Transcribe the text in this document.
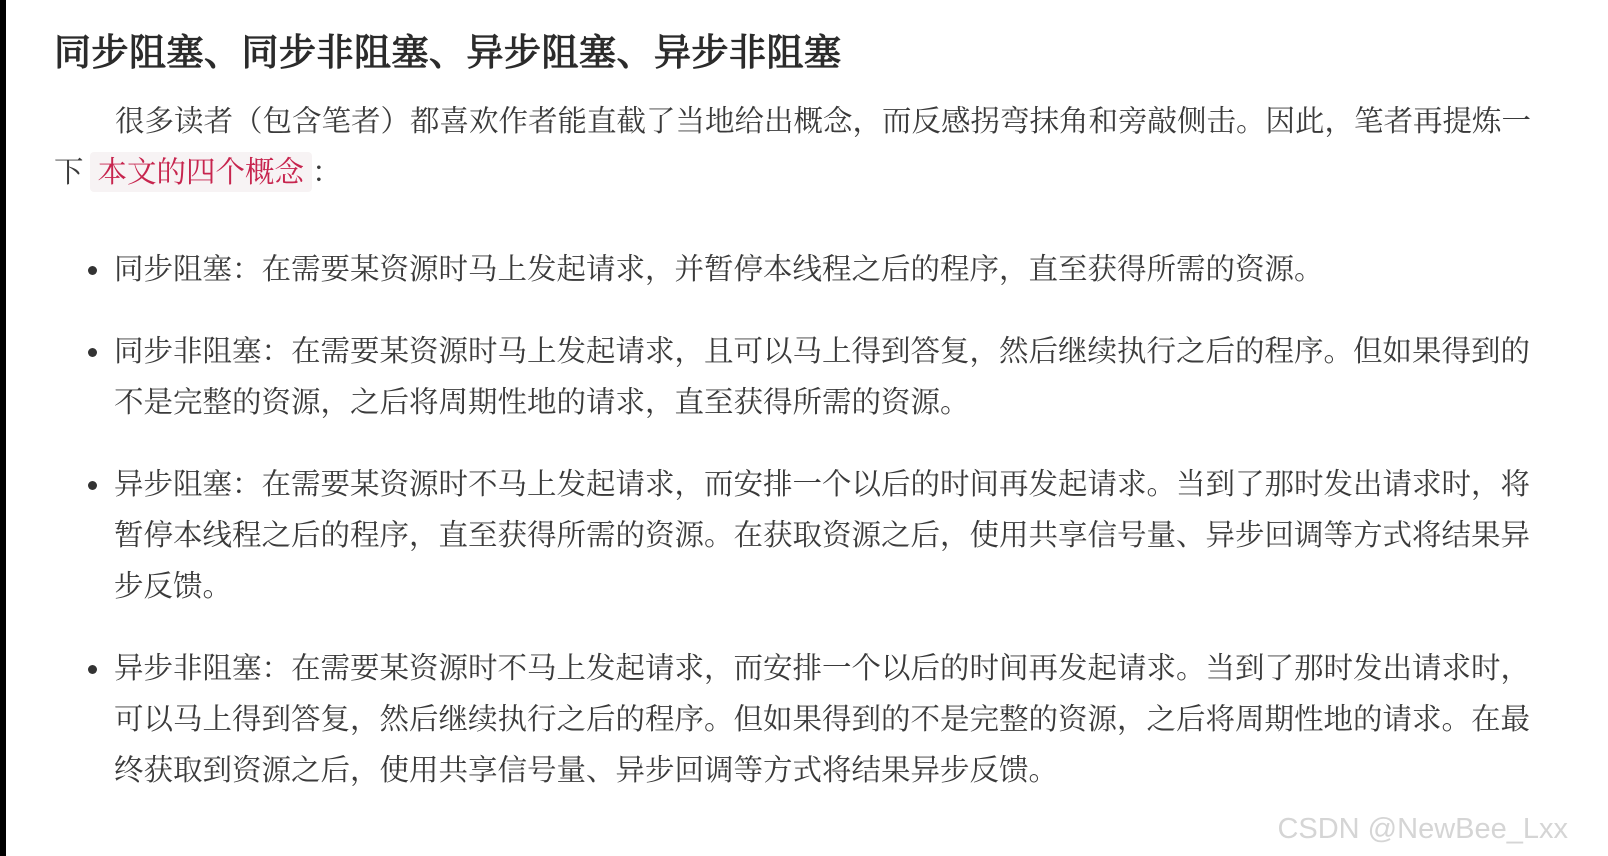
同步阻塞、同步非阻塞、异步阻塞、异步非阻塞

很多读者（包含笔者）都喜欢作者能直截了当地给出概念，而反感拐弯抹角和旁敲侧击。因此，笔者再提炼一下 本文的四个概念 ：

同步阻塞：在需要某资源时马上发起请求，并暂停本线程之后的程序，直至获得所需的资源。
同步非阻塞：在需要某资源时马上发起请求，且可以马上得到答复，然后继续执行之后的程序。但如果得到的不是完整的资源，之后将周期性地的请求，直至获得所需的资源。
异步阻塞：在需要某资源时不马上发起请求，而安排一个以后的时间再发起请求。当到了那时发出请求时，将暂停本线程之后的程序，直至获得所需的资源。在获取资源之后，使用共享信号量、异步回调等方式将结果异步反馈。
异步非阻塞：在需要某资源时不马上发起请求，而安排一个以后的时间再发起请求。当到了那时发出请求时，可以马上得到答复，然后继续执行之后的程序。但如果得到的不是完整的资源，之后将周期性地的请求。在最终获取到资源之后，使用共享信号量、异步回调等方式将结果异步反馈。
CSDN @NewBee_Lxx
